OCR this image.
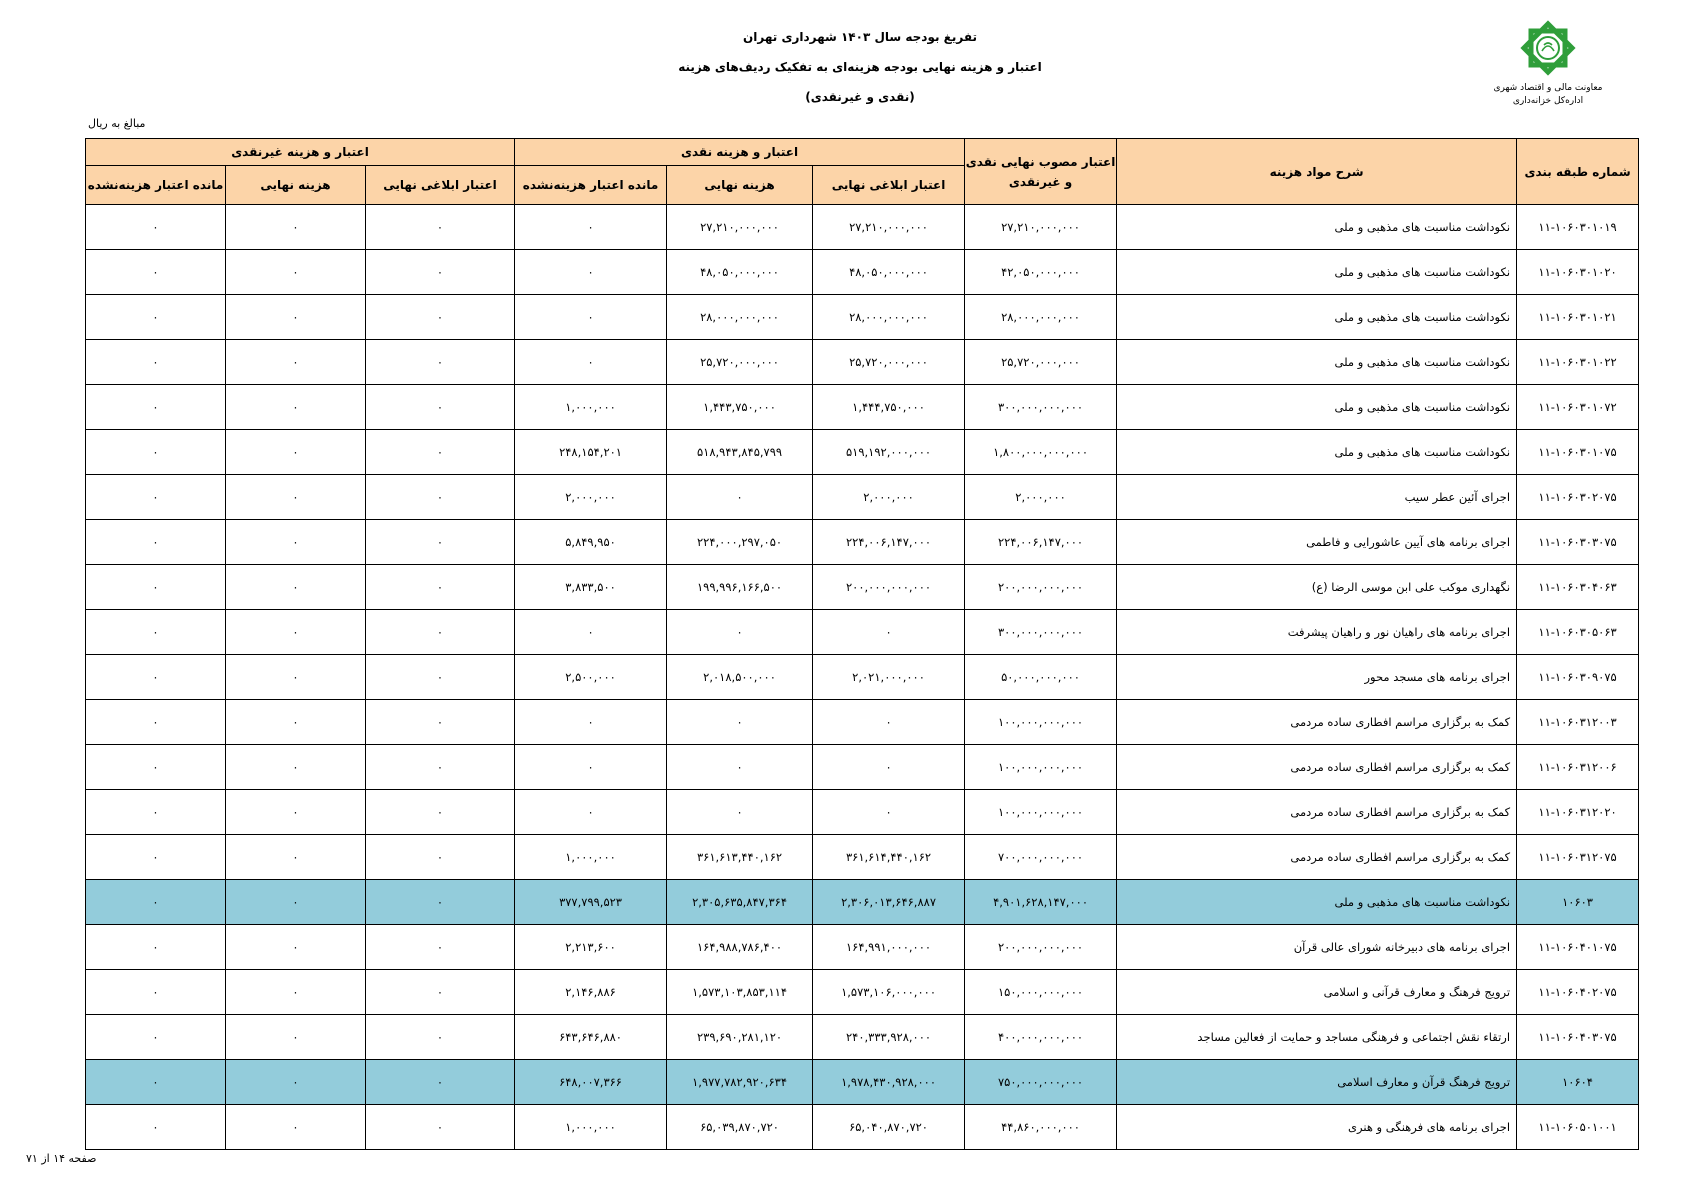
تفریغ بودجه سال ۱۴۰۳ شهرداری تهران
اعتبار و هزینه نهایی بودجه هزینه‌ای به تفکیک ردیف‌های هزینه
(نقدی و غیرنقدی)
معاونت مالی و اقتصاد شهری
اداره‌کل خزانه‌داری
مبالغ به ریال
شماره طبقه بندی	شرح مواد هزینه	اعتبار مصوب نهایی نقدی و غیرنقدی	اعتبار و هزینه نقدی			اعتبار و هزینه غیرنقدی		
			اعتبار ابلاغی نهایی	هزینه نهایی	مانده اعتبار هزینه‌نشده	اعتبار ابلاغی نهایی	هزینه نهایی	مانده اعتبار هزینه‌نشده
۱۱-۱۰۶۰۳۰۱۰۱۹	نکوداشت مناسبت های مذهبی و ملی	۲۷,۲۱۰,۰۰۰,۰۰۰	۲۷,۲۱۰,۰۰۰,۰۰۰	۲۷,۲۱۰,۰۰۰,۰۰۰	۰	۰	۰	۰
۱۱-۱۰۶۰۳۰۱۰۲۰	نکوداشت مناسبت های مذهبی و ملی	۴۲,۰۵۰,۰۰۰,۰۰۰	۴۸,۰۵۰,۰۰۰,۰۰۰	۴۸,۰۵۰,۰۰۰,۰۰۰	۰	۰	۰	۰
۱۱-۱۰۶۰۳۰۱۰۲۱	نکوداشت مناسبت های مذهبی و ملی	۲۸,۰۰۰,۰۰۰,۰۰۰	۲۸,۰۰۰,۰۰۰,۰۰۰	۲۸,۰۰۰,۰۰۰,۰۰۰	۰	۰	۰	۰
۱۱-۱۰۶۰۳۰۱۰۲۲	نکوداشت مناسبت های مذهبی و ملی	۲۵,۷۲۰,۰۰۰,۰۰۰	۲۵,۷۲۰,۰۰۰,۰۰۰	۲۵,۷۲۰,۰۰۰,۰۰۰	۰	۰	۰	۰
۱۱-۱۰۶۰۳۰۱۰۷۲	نکوداشت مناسبت های مذهبی و ملی	۳۰۰,۰۰۰,۰۰۰,۰۰۰	۱,۴۴۴,۷۵۰,۰۰۰	۱,۴۴۳,۷۵۰,۰۰۰	۱,۰۰۰,۰۰۰	۰	۰	۰
۱۱-۱۰۶۰۳۰۱۰۷۵	نکوداشت مناسبت های مذهبی و ملی	۱,۸۰۰,۰۰۰,۰۰۰,۰۰۰	۵۱۹,۱۹۲,۰۰۰,۰۰۰	۵۱۸,۹۴۳,۸۴۵,۷۹۹	۲۴۸,۱۵۴,۲۰۱	۰	۰	۰
۱۱-۱۰۶۰۳۰۲۰۷۵	اجرای آئین عطر سیب	۲,۰۰۰,۰۰۰	۲,۰۰۰,۰۰۰	۰	۲,۰۰۰,۰۰۰	۰	۰	۰
۱۱-۱۰۶۰۳۰۳۰۷۵	اجرای برنامه های آیین عاشورایی و فاطمی	۲۲۴,۰۰۶,۱۴۷,۰۰۰	۲۲۴,۰۰۶,۱۴۷,۰۰۰	۲۲۴,۰۰۰,۲۹۷,۰۵۰	۵,۸۴۹,۹۵۰	۰	۰	۰
۱۱-۱۰۶۰۳۰۴۰۶۳	نگهداری موکب علی ابن موسی الرضا (ع)	۲۰۰,۰۰۰,۰۰۰,۰۰۰	۲۰۰,۰۰۰,۰۰۰,۰۰۰	۱۹۹,۹۹۶,۱۶۶,۵۰۰	۳,۸۳۳,۵۰۰	۰	۰	۰
۱۱-۱۰۶۰۳۰۵۰۶۳	اجرای برنامه های راهیان نور و راهیان پیشرفت	۳۰۰,۰۰۰,۰۰۰,۰۰۰	۰	۰	۰	۰	۰	۰
۱۱-۱۰۶۰۳۰۹۰۷۵	اجرای برنامه های مسجد محور	۵۰,۰۰۰,۰۰۰,۰۰۰	۲,۰۲۱,۰۰۰,۰۰۰	۲,۰۱۸,۵۰۰,۰۰۰	۲,۵۰۰,۰۰۰	۰	۰	۰
۱۱-۱۰۶۰۳۱۲۰۰۳	کمک به برگزاری مراسم افطاری ساده مردمی	۱۰۰,۰۰۰,۰۰۰,۰۰۰	۰	۰	۰	۰	۰	۰
۱۱-۱۰۶۰۳۱۲۰۰۶	کمک به برگزاری مراسم افطاری ساده مردمی	۱۰۰,۰۰۰,۰۰۰,۰۰۰	۰	۰	۰	۰	۰	۰
۱۱-۱۰۶۰۳۱۲۰۲۰	کمک به برگزاری مراسم افطاری ساده مردمی	۱۰۰,۰۰۰,۰۰۰,۰۰۰	۰	۰	۰	۰	۰	۰
۱۱-۱۰۶۰۳۱۲۰۷۵	کمک به برگزاری مراسم افطاری ساده مردمی	۷۰۰,۰۰۰,۰۰۰,۰۰۰	۳۶۱,۶۱۴,۴۴۰,۱۶۲	۳۶۱,۶۱۳,۴۴۰,۱۶۲	۱,۰۰۰,۰۰۰	۰	۰	۰
۱۰۶۰۳	نکوداشت مناسبت های مذهبی و ملی	۴,۹۰۱,۶۲۸,۱۴۷,۰۰۰	۲,۳۰۶,۰۱۳,۶۴۶,۸۸۷	۲,۳۰۵,۶۳۵,۸۴۷,۳۶۴	۳۷۷,۷۹۹,۵۲۳	۰	۰	۰
۱۱-۱۰۶۰۴۰۱۰۷۵	اجرای برنامه های دبیرخانه شورای عالی قرآن	۲۰۰,۰۰۰,۰۰۰,۰۰۰	۱۶۴,۹۹۱,۰۰۰,۰۰۰	۱۶۴,۹۸۸,۷۸۶,۴۰۰	۲,۲۱۳,۶۰۰	۰	۰	۰
۱۱-۱۰۶۰۴۰۲۰۷۵	ترویج فرهنگ و معارف قرآنی و اسلامی	۱۵۰,۰۰۰,۰۰۰,۰۰۰	۱,۵۷۳,۱۰۶,۰۰۰,۰۰۰	۱,۵۷۳,۱۰۳,۸۵۳,۱۱۴	۲,۱۴۶,۸۸۶	۰	۰	۰
۱۱-۱۰۶۰۴۰۳۰۷۵	ارتقاء نقش اجتماعی و فرهنگی مساجد و حمایت از فعالین مساجد	۴۰۰,۰۰۰,۰۰۰,۰۰۰	۲۴۰,۳۳۳,۹۲۸,۰۰۰	۲۳۹,۶۹۰,۲۸۱,۱۲۰	۶۴۳,۶۴۶,۸۸۰	۰	۰	۰
۱۰۶۰۴	ترویج فرهنگ قرآن و معارف اسلامی	۷۵۰,۰۰۰,۰۰۰,۰۰۰	۱,۹۷۸,۴۳۰,۹۲۸,۰۰۰	۱,۹۷۷,۷۸۲,۹۲۰,۶۳۴	۶۴۸,۰۰۷,۳۶۶	۰	۰	۰
۱۱-۱۰۶۰۵۰۱۰۰۱	اجرای برنامه های فرهنگی و هنری	۴۴,۸۶۰,۰۰۰,۰۰۰	۶۵,۰۴۰,۸۷۰,۷۲۰	۶۵,۰۳۹,۸۷۰,۷۲۰	۱,۰۰۰,۰۰۰	۰	۰	۰
صفحه ۱۴ از ۷۱
